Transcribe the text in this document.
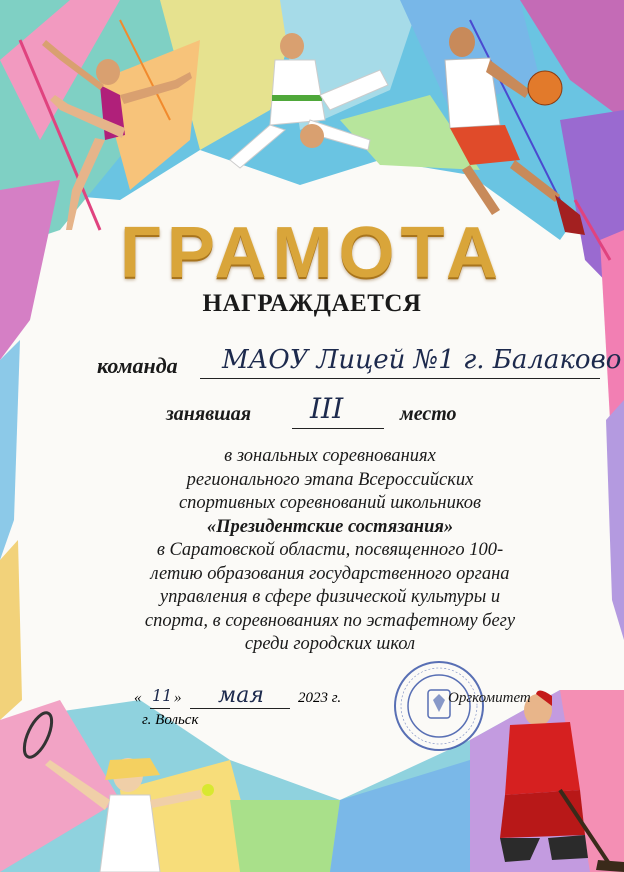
ГРАМОТА
НАГРАЖДАЕТСЯ
команда МАОУ Лицей №1 г. Балаково
занявшая III	место

в зональных соревнованиях

регионального этапа Всероссийских

спортивных соревнований школьников

«Президентские состязания»

в Саратовской области, посвященного 100-

летию образования государственного органа

управления в сфере физической культуры и

спорта, в соревнованиях по эстафетному бегу

среди городских школ

« 11 » мая 2023 г.
г. Вольск
Оргкомитет
